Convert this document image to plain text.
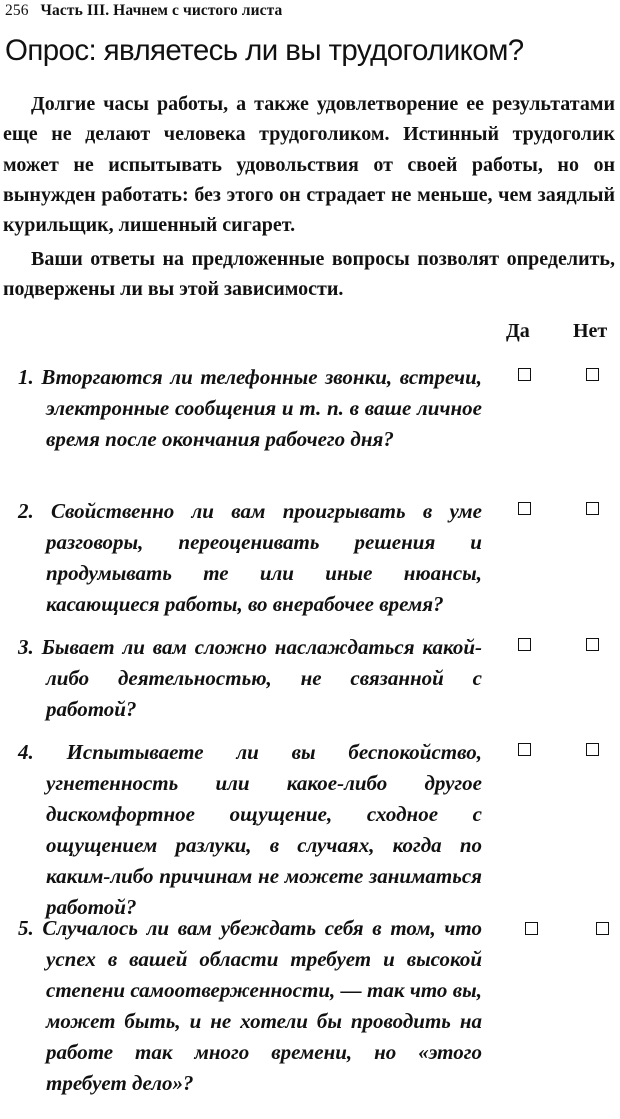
256 Часть III. Начнем с чистого листа
Опрос: являетесь ли вы трудоголиком?

Долгие часы работы, а также удовлетворение ее результатами еще не делают человека трудоголиком. Истинный трудоголик может не испытывать удовольствия от своей работы, но он вынужден работать: без этого он страдает не меньше, чем заядлый курильщик, лишенный сигарет.

Ваши ответы на предложенные вопросы позволят определить, подвержены ли вы этой зависимости.

Да Нет

1. Вторгаются ли телефонные звонки, встречи, электронные сообщения и т. п. в ваше личное время после окончания рабочего дня?

2. Свойственно ли вам проигрывать в уме разговоры, переоценивать решения и продумывать те или иные нюансы, касающиеся работы, во внерабочее время?

3. Бывает ли вам сложно наслаждаться какой-либо деятельностью, не связанной с работой?

4. Испытываете ли вы беспокойство, угнетенность или какое-либо другое дискомфортное ощущение, сходное с ощущением разлуки, в случаях, когда по каким-либо причинам не можете заниматься работой?

5. Случалось ли вам убеждать себя в том, что успех в вашей области требует и высокой степени самоотверженности, — так что вы, может быть, и не хотели бы проводить на работе так много времени, но «этого требует дело»?
